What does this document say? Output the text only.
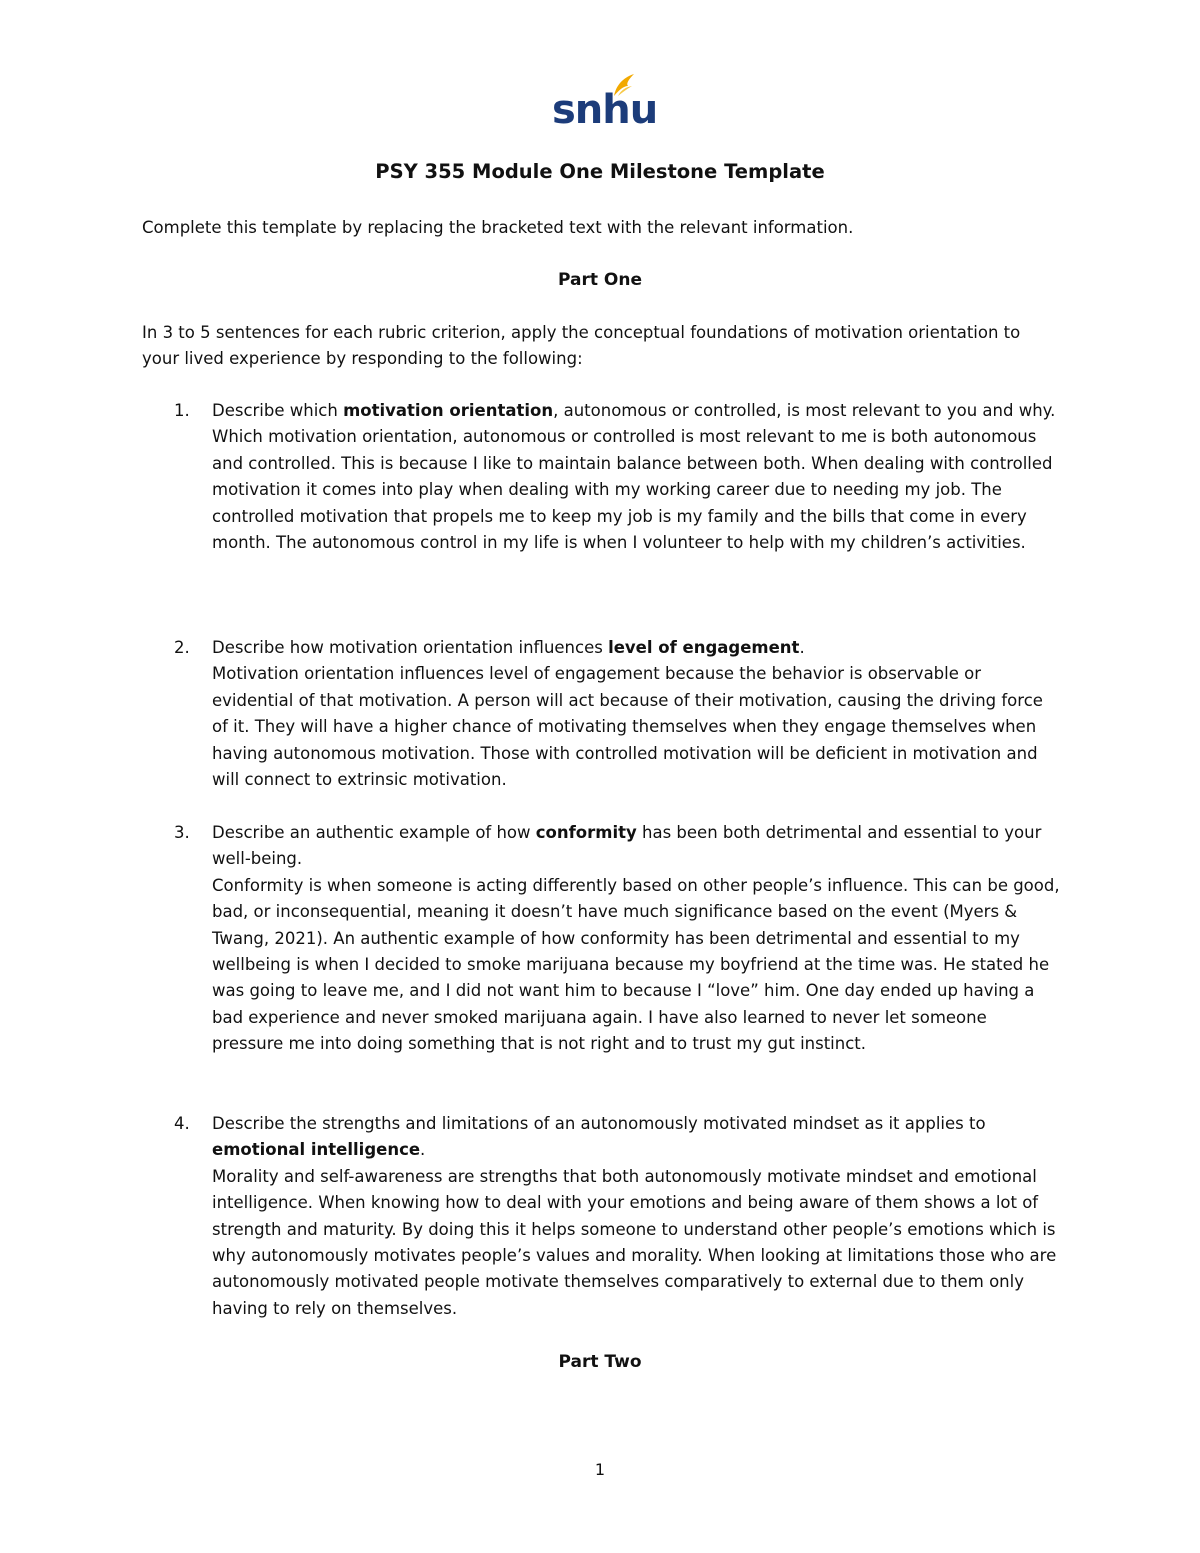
snhu
PSY 355 Module One Milestone Template
Complete this template by replacing the bracketed text with the relevant information.
Part One
In 3 to 5 sentences for each rubric criterion, apply the conceptual foundations of motivation orientation to your lived experience by responding to the following:
1. Describe which motivation orientation, autonomous or controlled, is most relevant to you and why.
Which motivation orientation, autonomous or controlled is most relevant to me is both autonomous and controlled. This is because I like to maintain balance between both. When dealing with controlled motivation it comes into play when dealing with my working career due to needing my job. The controlled motivation that propels me to keep my job is my family and the bills that come in every month. The autonomous control in my life is when I volunteer to help with my children’s activities.
2. Describe how motivation orientation influences level of engagement.
Motivation orientation influences level of engagement because the behavior is observable or evidential of that motivation. A person will act because of their motivation, causing the driving force of it. They will have a higher chance of motivating themselves when they engage themselves when having autonomous motivation. Those with controlled motivation will be deficient in motivation and will connect to extrinsic motivation.
3. Describe an authentic example of how conformity has been both detrimental and essential to your well-being.
Conformity is when someone is acting differently based on other people’s influence. This can be good, bad, or inconsequential, meaning it doesn’t have much significance based on the event (Myers & Twang, 2021). An authentic example of how conformity has been detrimental and essential to my wellbeing is when I decided to smoke marijuana because my boyfriend at the time was. He stated he was going to leave me, and I did not want him to because I “love” him. One day ended up having a bad experience and never smoked marijuana again. I have also learned to never let someone pressure me into doing something that is not right and to trust my gut instinct.
4. Describe the strengths and limitations of an autonomously motivated mindset as it applies to emotional intelligence.
Morality and self-awareness are strengths that both autonomously motivate mindset and emotional intelligence. When knowing how to deal with your emotions and being aware of them shows a lot of strength and maturity. By doing this it helps someone to understand other people’s emotions which is why autonomously motivates people’s values and morality. When looking at limitations those who are autonomously motivated people motivate themselves comparatively to external due to them only having to rely on themselves.
Part Two
1
